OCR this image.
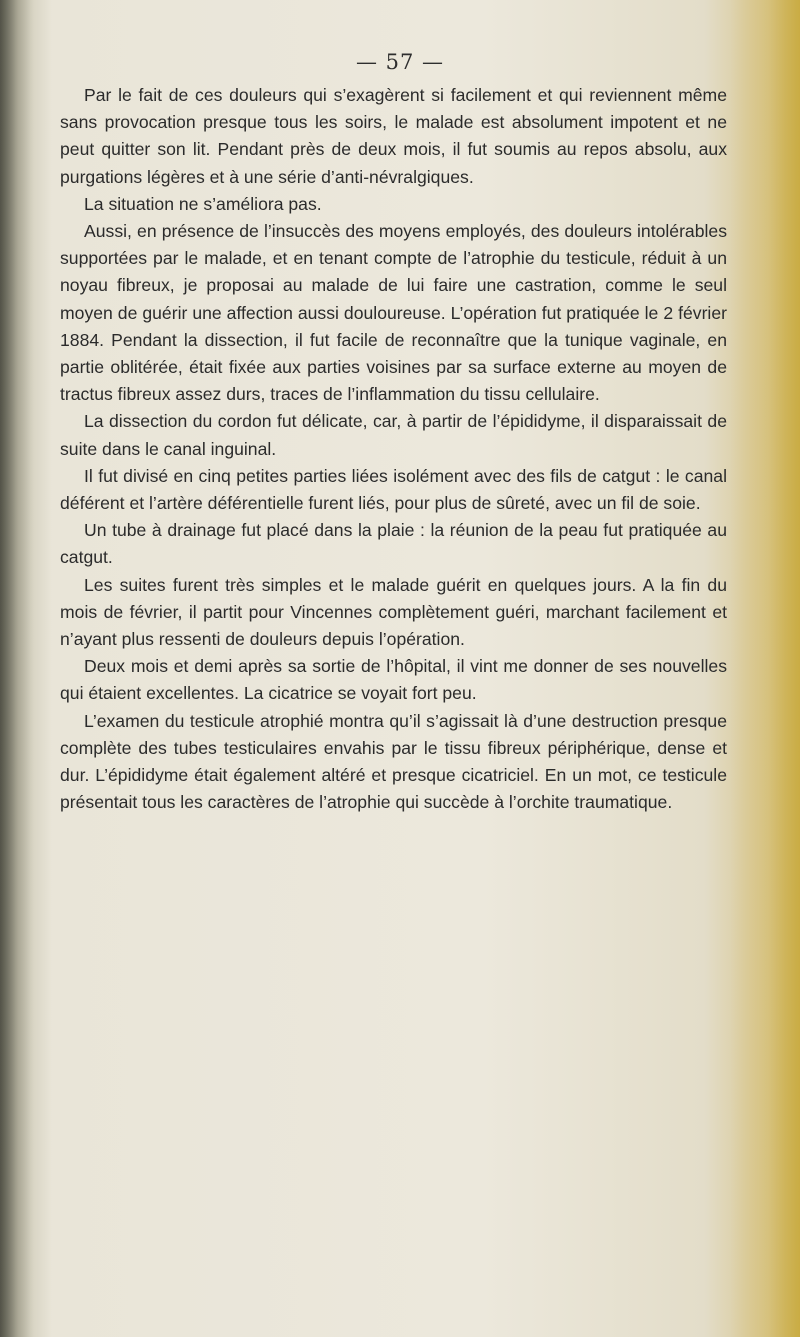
— 57 —

Par le fait de ces douleurs qui s’exagèrent si facilement et qui reviennent même sans provocation presque tous les soirs, le malade est absolument impotent et ne peut quitter son lit. Pendant près de deux mois, il fut soumis au repos absolu, aux purgations légères et à une série d’anti-névralgiques.

La situation ne s’améliora pas.

Aussi, en présence de l’insuccès des moyens employés, des douleurs intolérables supportées par le malade, et en tenant compte de l’atrophie du testicule, réduit à un noyau fibreux, je proposai au malade de lui faire une castration, comme le seul moyen de guérir une affection aussi douloureuse. L’opération fut pratiquée le 2 février 1884. Pendant la dissection, il fut facile de reconnaître que la tunique vaginale, en partie oblitérée, était fixée aux parties voisines par sa surface externe au moyen de tractus fibreux assez durs, traces de l’inflammation du tissu cellulaire.

La dissection du cordon fut délicate, car, à partir de l’épididyme, il disparaissait de suite dans le canal inguinal.

Il fut divisé en cinq petites parties liées isolément avec des fils de catgut : le canal déférent et l’artère déférentielle furent liés, pour plus de sûreté, avec un fil de soie.

Un tube à drainage fut placé dans la plaie : la réunion de la peau fut pratiquée au catgut.

Les suites furent très simples et le malade guérit en quelques jours. A la fin du mois de février, il partit pour Vincennes complètement guéri, marchant facilement et n’ayant plus ressenti de douleurs depuis l’opération.

Deux mois et demi après sa sortie de l’hôpital, il vint me donner de ses nouvelles qui étaient excellentes. La cicatrice se voyait fort peu.

L’examen du testicule atrophié montra qu’il s’agissait là d’une destruction presque complète des tubes testiculaires envahis par le tissu fibreux périphérique, dense et dur. L’épididyme était également altéré et presque cicatriciel. En un mot, ce testicule présentait tous les caractères de l’atrophie qui succède à l’orchite traumatique.
